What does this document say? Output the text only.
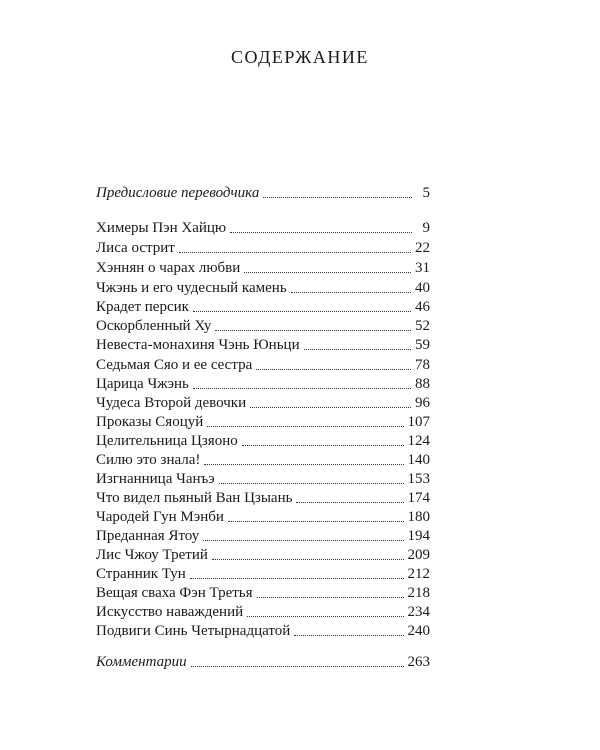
СОДЕРЖАНИЕ
Предисловие переводчика	5
Химеры Пэн Хайцю	9
Лиса острит	22
Хэннян о чарах любви	31
Чжэнь и его чудесный камень	40
Крадет персик	46
Оскорбленный Ху	52
Невеста-монахиня Чэнь Юньци	59
Седьмая Сяо и ее сестра	78
Царица Чжэнь	88
Чудеса Второй девочки	96
Проказы Сяоцуй	107
Целительница Цзяоно	124
Силю это знала!	140
Изгнанница Чанъэ	153
Что видел пьяный Ван Цзыань	174
Чародей Гун Мэнби	180
Преданная Ятоу	194
Лис Чжоу Третий	209
Странник Тун	212
Вещая сваха Фэн Третья	218
Искусство наваждений	234
Подвиги Синь Четырнадцатой	240
Комментарии	263
